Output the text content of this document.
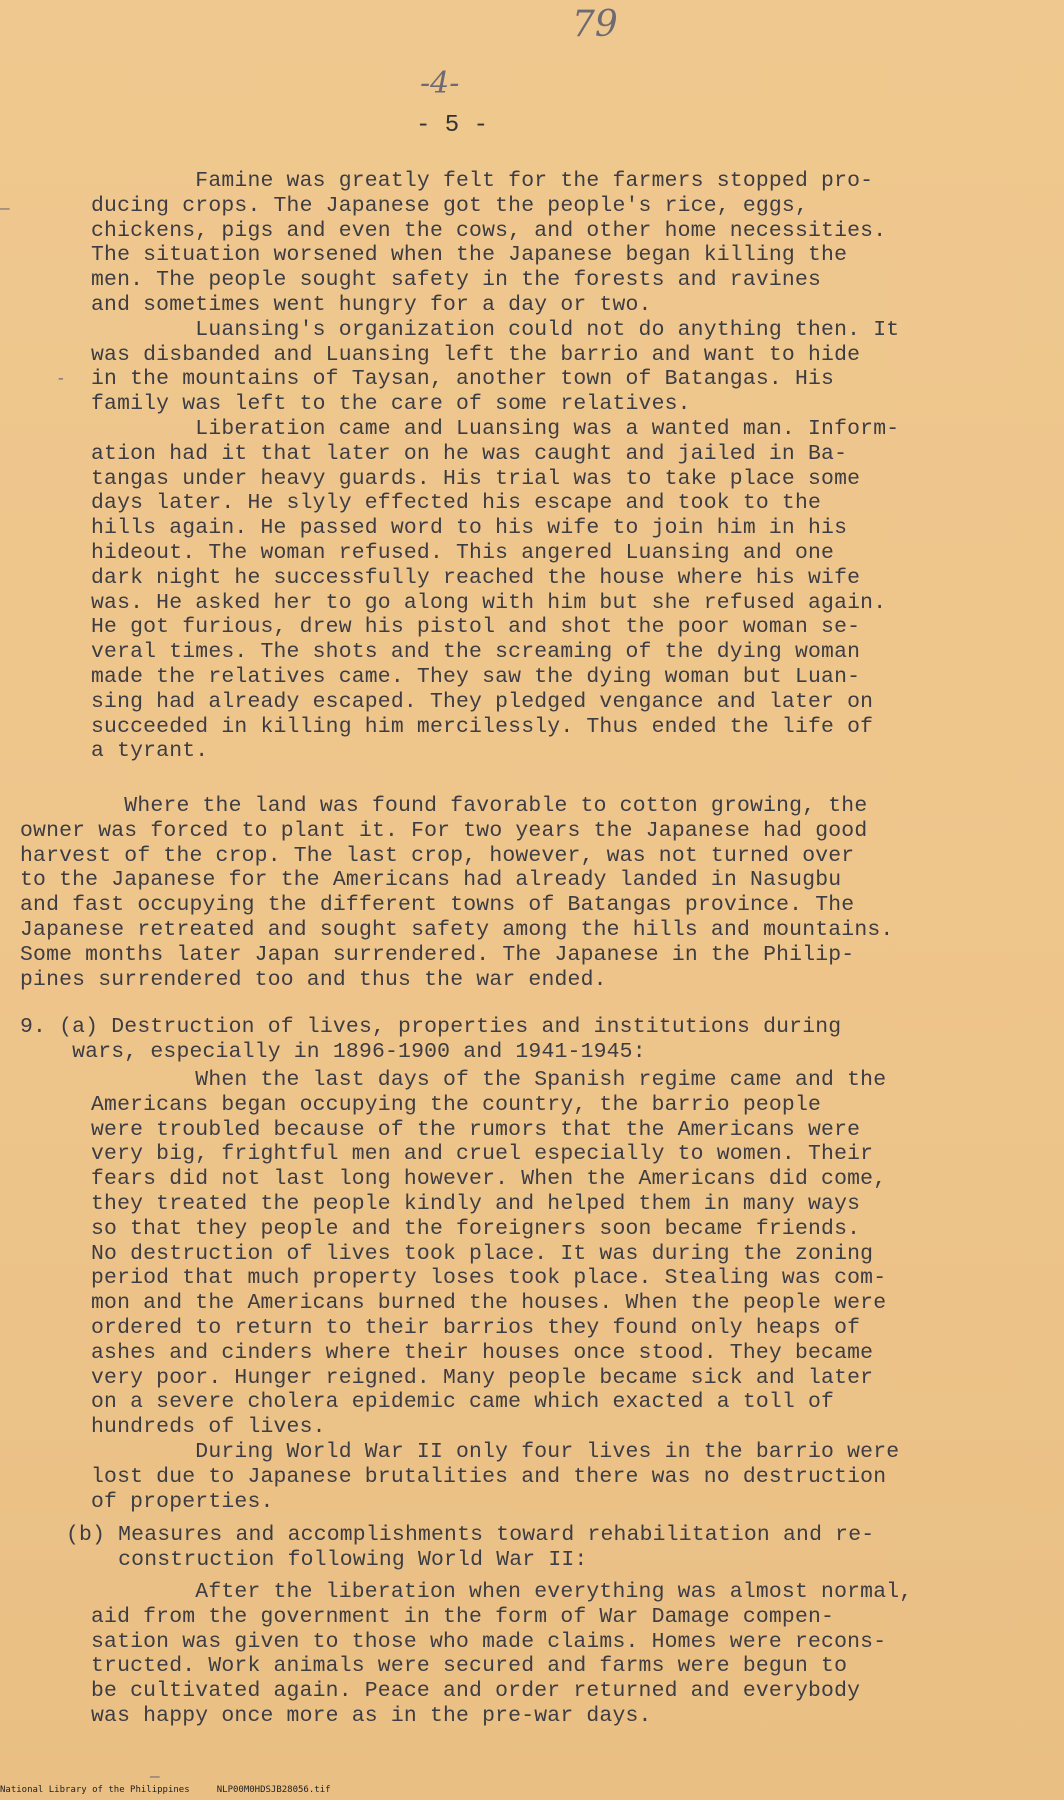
79
-4-
- 5 -
—
-
Famine was greatly felt for the farmers stopped pro-
ducing crops. The Japanese got the people's rice, eggs,
chickens, pigs and even the cows, and other home necessities.
The situation worsened when the Japanese began killing the
men. The people sought safety in the forests and ravines
and sometimes went hungry for a day or two.
Luansing's organization could not do anything then. It
was disbanded and Luansing left the barrio and want to hide
in the mountains of Taysan, another town of Batangas. His
family was left to the care of some relatives.
Liberation came and Luansing was a wanted man. Inform-
ation had it that later on he was caught and jailed in Ba-
tangas under heavy guards. His trial was to take place some
days later. He slyly effected his escape and took to the
hills again. He passed word to his wife to join him in his
hideout. The woman refused. This angered Luansing and one
dark night he successfully reached the house where his wife
was. He asked her to go along with him but she refused again.
He got furious, drew his pistol and shot the poor woman se-
veral times. The shots and the screaming of the dying woman
made the relatives came. They saw the dying woman but Luan-
sing had already escaped. They pledged vengance and later on
succeeded in killing him mercilessly. Thus ended the life of
a tyrant.
Where the land was found favorable to cotton growing, the
owner was forced to plant it. For two years the Japanese had good
harvest of the crop. The last crop, however, was not turned over
to the Japanese for the Americans had already landed in Nasugbu
and fast occupying the different towns of Batangas province. The
Japanese retreated and sought safety among the hills and mountains.
Some months later Japan surrendered. The Japanese in the Philip-
pines surrendered too and thus the war ended.
9. (a) Destruction of lives, properties and institutions during
wars, especially in 1896-1900 and 1941-1945:
When the last days of the Spanish regime came and the
Americans began occupying the country, the barrio people
were troubled because of the rumors that the Americans were
very big, frightful men and cruel especially to women. Their
fears did not last long however. When the Americans did come,
they treated the people kindly and helped them in many ways
so that they people and the foreigners soon became friends.
No destruction of lives took place. It was during the zoning
period that much property loses took place. Stealing was com-
mon and the Americans burned the houses. When the people were
ordered to return to their barrios they found only heaps of
ashes and cinders where their houses once stood. They became
very poor. Hunger reigned. Many people became sick and later
on a severe cholera epidemic came which exacted a toll of
hundreds of lives.
During World War II only four lives in the barrio were
lost due to Japanese brutalities and there was no destruction
of properties.
(b) Measures and accomplishments toward rehabilitation and re-
construction following World War II:
After the liberation when everything was almost normal,
aid from the government in the form of War Damage compen-
sation was given to those who made claims. Homes were recons-
tructed. Work animals were secured and farms were begun to
be cultivated again. Peace and order returned and everybody
was happy once more as in the pre-war days.
—
National Library of the Philippines     NLP00M0HDSJB28056.tif
